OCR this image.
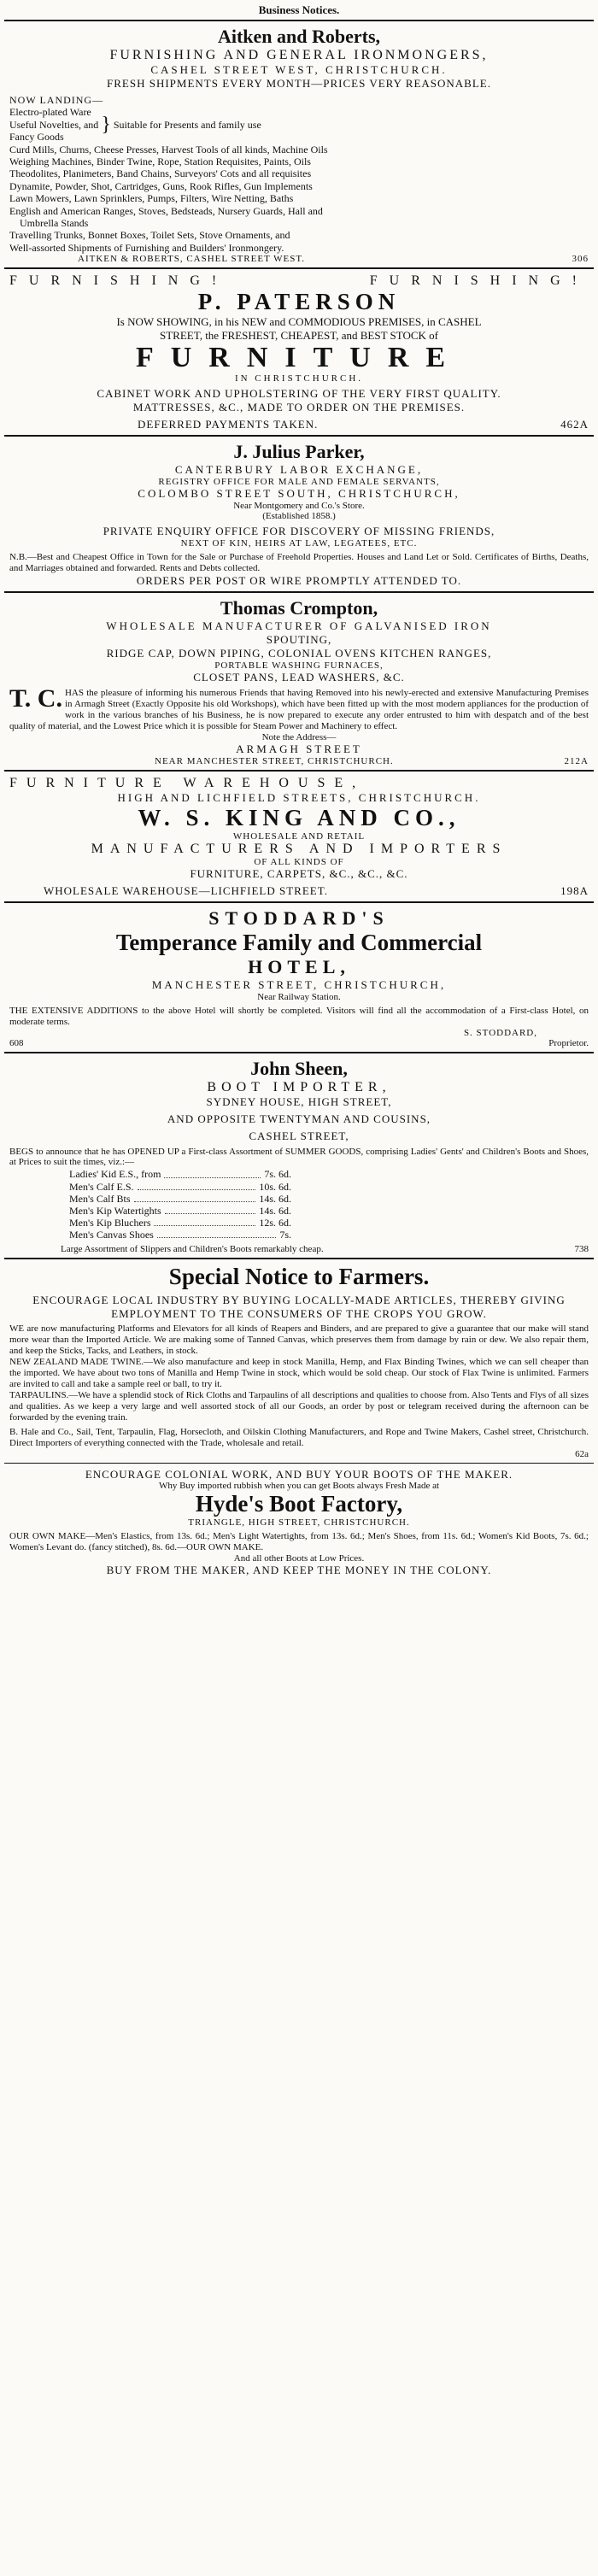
Business Notices.
Aitken and Roberts,
FURNISHING AND GENERAL IRONMONGERS,
CASHEL STREET WEST, CHRISTCHURCH.
FRESH SHIPMENTS EVERY MONTH—PRICES VERY REASONABLE.
NOW LANDING—
Electro-plated Ware
Useful Novelties, and
Fancy Goods
} Suitable for Presents and family use
Curd Mills, Churns, Cheese Presses, Harvest Tools of all kinds, Machine Oils
Weighing Machines, Binder Twine, Rope, Station Requisites, Paints, Oils
Theodolites, Planimeters, Band Chains, Surveyors' Cots and all requisites
Dynamite, Powder, Shot, Cartridges, Guns, Rook Rifles, Gun Implements
Lawn Mowers, Lawn Sprinklers, Pumps, Filters, Wire Netting, Baths
English and American Ranges, Stoves, Bedsteads, Nursery Guards, Hall and
Umbrella Stands
Travelling Trunks, Bonnet Boxes, Toilet Sets, Stove Ornaments, and
Well-assorted Shipments of Furnishing and Builders' Ironmongery.
AITKEN & ROBERTS, CASHEL STREET WEST.	306
FURNISHING!	FURNISHING!
P. PATERSON
Is NOW SHOWING, in his NEW and COMMODIOUS PREMISES, in CASHEL
STREET, the FRESHEST, CHEAPEST, and BEST STOCK of
FURNITURE
IN CHRISTCHURCH.
CABINET WORK AND UPHOLSTERING OF THE VERY FIRST QUALITY.
MATTRESSES, &C., MADE TO ORDER ON THE PREMISES.
DEFERRED PAYMENTS TAKEN.	462A
J. Julius Parker,
CANTERBURY LABOR EXCHANGE,
REGISTRY OFFICE FOR MALE AND FEMALE SERVANTS,
COLOMBO STREET SOUTH, CHRISTCHURCH,
Near Montgomery and Co.'s Store.
(Established 1858.)
PRIVATE ENQUIRY OFFICE FOR DISCOVERY OF MISSING FRIENDS,
NEXT OF KIN, HEIRS AT LAW, LEGATEES, ETC.
N.B.—Best and Cheapest Office in Town for the Sale or Purchase of Freehold Properties. Houses and Land Let or Sold. Certificates of Births, Deaths, and Marriages obtained and forwarded. Rents and Debts collected.
ORDERS PER POST OR WIRE PROMPTLY ATTENDED TO.
Thomas Crompton,
WHOLESALE MANUFACTURER OF GALVANISED IRON
SPOUTING,
RIDGE CAP, DOWN PIPING, COLONIAL OVENS KITCHEN RANGES,
PORTABLE WASHING FURNACES,
CLOSET PANS, LEAD WASHERS, &C.
T. C. HAS the pleasure of informing his numerous Friends that having Removed into his newly-erected and extensive Manufacturing Premises in Armagh Street (Exactly Opposite his old Workshops), which have been fitted up with the most modern appliances for the production of work in the various branches of his Business, he is now prepared to execute any order entrusted to him with despatch and of the best quality of material, and the Lowest Price which it is possible for Steam Power and Machinery to effect.
Note the Address—
ARMAGH STREET
NEAR MANCHESTER STREET, CHRISTCHURCH.	212A
FURNITURE WAREHOUSE,
HIGH AND LICHFIELD STREETS, CHRISTCHURCH.
W. S. KING AND CO.,
WHOLESALE AND RETAIL
MANUFACTURERS AND IMPORTERS
OF ALL KINDS OF
FURNITURE, CARPETS, &C., &C., &C.
WHOLESALE WAREHOUSE—LICHFIELD STREET.	198A
STODDARD'S
Temperance Family and Commercial
HOTEL,
MANCHESTER STREET, CHRISTCHURCH,
Near Railway Station.
THE EXTENSIVE ADDITIONS to the above Hotel will shortly be completed. Visitors will find all the accommodation of a First-class Hotel, on moderate terms.
S. STODDARD,
608	Proprietor.
John Sheen,
BOOT IMPORTER,
SYDNEY HOUSE, HIGH STREET,
AND OPPOSITE TWENTYMAN AND COUSINS,
CASHEL STREET,
BEGS to announce that he has OPENED UP a First-class Assortment of SUMMER GOODS, comprising Ladies' Gents' and Children's Boots and Shoes, at Prices to suit the times, viz.:—
Ladies' Kid E.S., from	7s. 6d.
Men's Calf E.S.	10s. 6d.
Men's Calf Bts	14s. 6d.
Men's Kip Watertights	14s. 6d.
Men's Kip Bluchers	12s. 6d.
Men's Canvas Shoes	7s.
Large Assortment of Slippers and Children's Boots remarkably cheap.	738
Special Notice to Farmers.
ENCOURAGE LOCAL INDUSTRY BY BUYING LOCALLY-MADE ARTICLES, THEREBY GIVING EMPLOYMENT TO THE CONSUMERS OF THE CROPS YOU GROW.
WE are now manufacturing Platforms and Elevators for all kinds of Reapers and Binders, and are prepared to give a guarantee that our make will stand more wear than the Imported Article. We are making some of Tanned Canvas, which preserves them from damage by rain or dew. We also repair them, and keep the Sticks, Tacks, and Leathers, in stock.
NEW ZEALAND MADE TWINE.—We also manufacture and keep in stock Manilla, Hemp, and Flax Binding Twines, which we can sell cheaper than the imported. We have about two tons of Manilla and Hemp Twine in stock, which would be sold cheap. Our stock of Flax Twine is unlimited. Farmers are invited to call and take a sample reel or ball, to try it.
TARPAULINS.—We have a splendid stock of Rick Cloths and Tarpaulins of all descriptions and qualities to choose from. Also Tents and Flys of all sizes and qualities. As we keep a very large and well assorted stock of all our Goods, an order by post or telegram received during the afternoon can be forwarded by the evening train.
B. Hale and Co., Sail, Tent, Tarpaulin, Flag, Horsecloth, and Oilskin Clothing Manufacturers, and Rope and Twine Makers, Cashel street, Christchurch. Direct Importers of everything connected with the Trade, wholesale and retail.
62a
ENCOURAGE COLONIAL WORK, AND BUY YOUR BOOTS OF THE MAKER.
Why Buy imported rubbish when you can get Boots always Fresh Made at
Hyde's Boot Factory,
TRIANGLE, HIGH STREET, CHRISTCHURCH.
OUR OWN MAKE—Men's Elastics, from 13s. 6d.; Men's Light Watertights, from 13s. 6d.; Men's Shoes, from 11s. 6d.; Women's Kid Boots, 7s. 6d.; Women's Levant do. (fancy stitched), 8s. 6d.—OUR OWN MAKE.
And all other Boots at Low Prices.
BUY FROM THE MAKER, AND KEEP THE MONEY IN THE COLONY.
